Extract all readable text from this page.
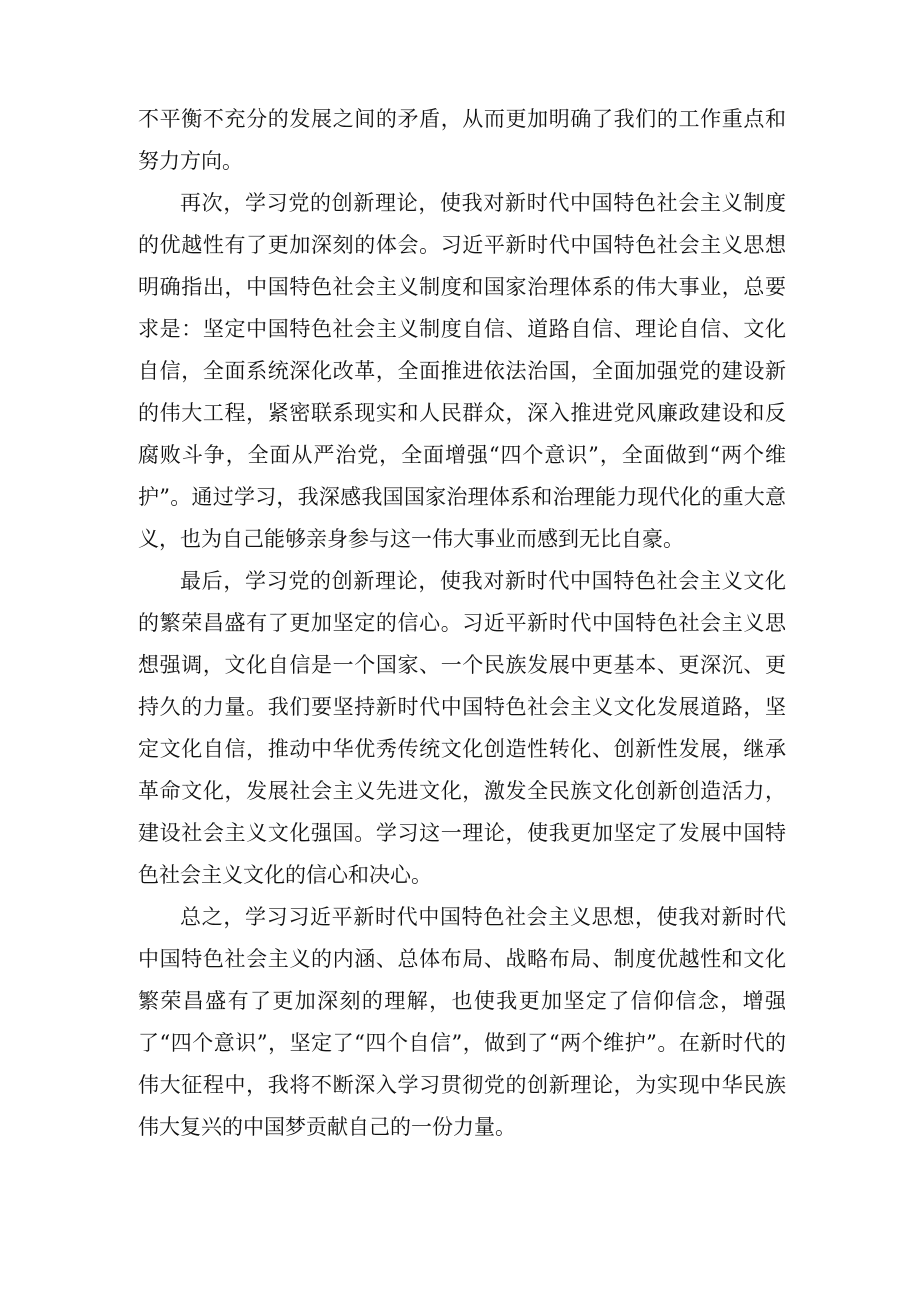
不平衡不充分的发展之间的矛盾，从而更加明确了我们的工作重点和努力方向。

再次，学习党的创新理论，使我对新时代中国特色社会主义制度的优越性有了更加深刻的体会。习近平新时代中国特色社会主义思想明确指出，中国特色社会主义制度和国家治理体系的伟大事业，总要求是：坚定中国特色社会主义制度自信、道路自信、理论自信、文化自信，全面系统深化改革，全面推进依法治国，全面加强党的建设新的伟大工程，紧密联系现实和人民群众，深入推进党风廉政建设和反腐败斗争，全面从严治党，全面增强“四个意识”，全面做到“两个维护”。通过学习，我深感我国国家治理体系和治理能力现代化的重大意义，也为自己能够亲身参与这一伟大事业而感到无比自豪。

最后，学习党的创新理论，使我对新时代中国特色社会主义文化的繁荣昌盛有了更加坚定的信心。习近平新时代中国特色社会主义思想强调，文化自信是一个国家、一个民族发展中更基本、更深沉、更持久的力量。我们要坚持新时代中国特色社会主义文化发展道路，坚定文化自信，推动中华优秀传统文化创造性转化、创新性发展，继承革命文化，发展社会主义先进文化，激发全民族文化创新创造活力，建设社会主义文化强国。学习这一理论，使我更加坚定了发展中国特色社会主义文化的信心和决心。

总之，学习习近平新时代中国特色社会主义思想，使我对新时代中国特色社会主义的内涵、总体布局、战略布局、制度优越性和文化繁荣昌盛有了更加深刻的理解，也使我更加坚定了信仰信念，增强了“四个意识”，坚定了“四个自信”，做到了“两个维护”。在新时代的伟大征程中，我将不断深入学习贯彻党的创新理论，为实现中华民族伟大复兴的中国梦贡献自己的一份力量。
